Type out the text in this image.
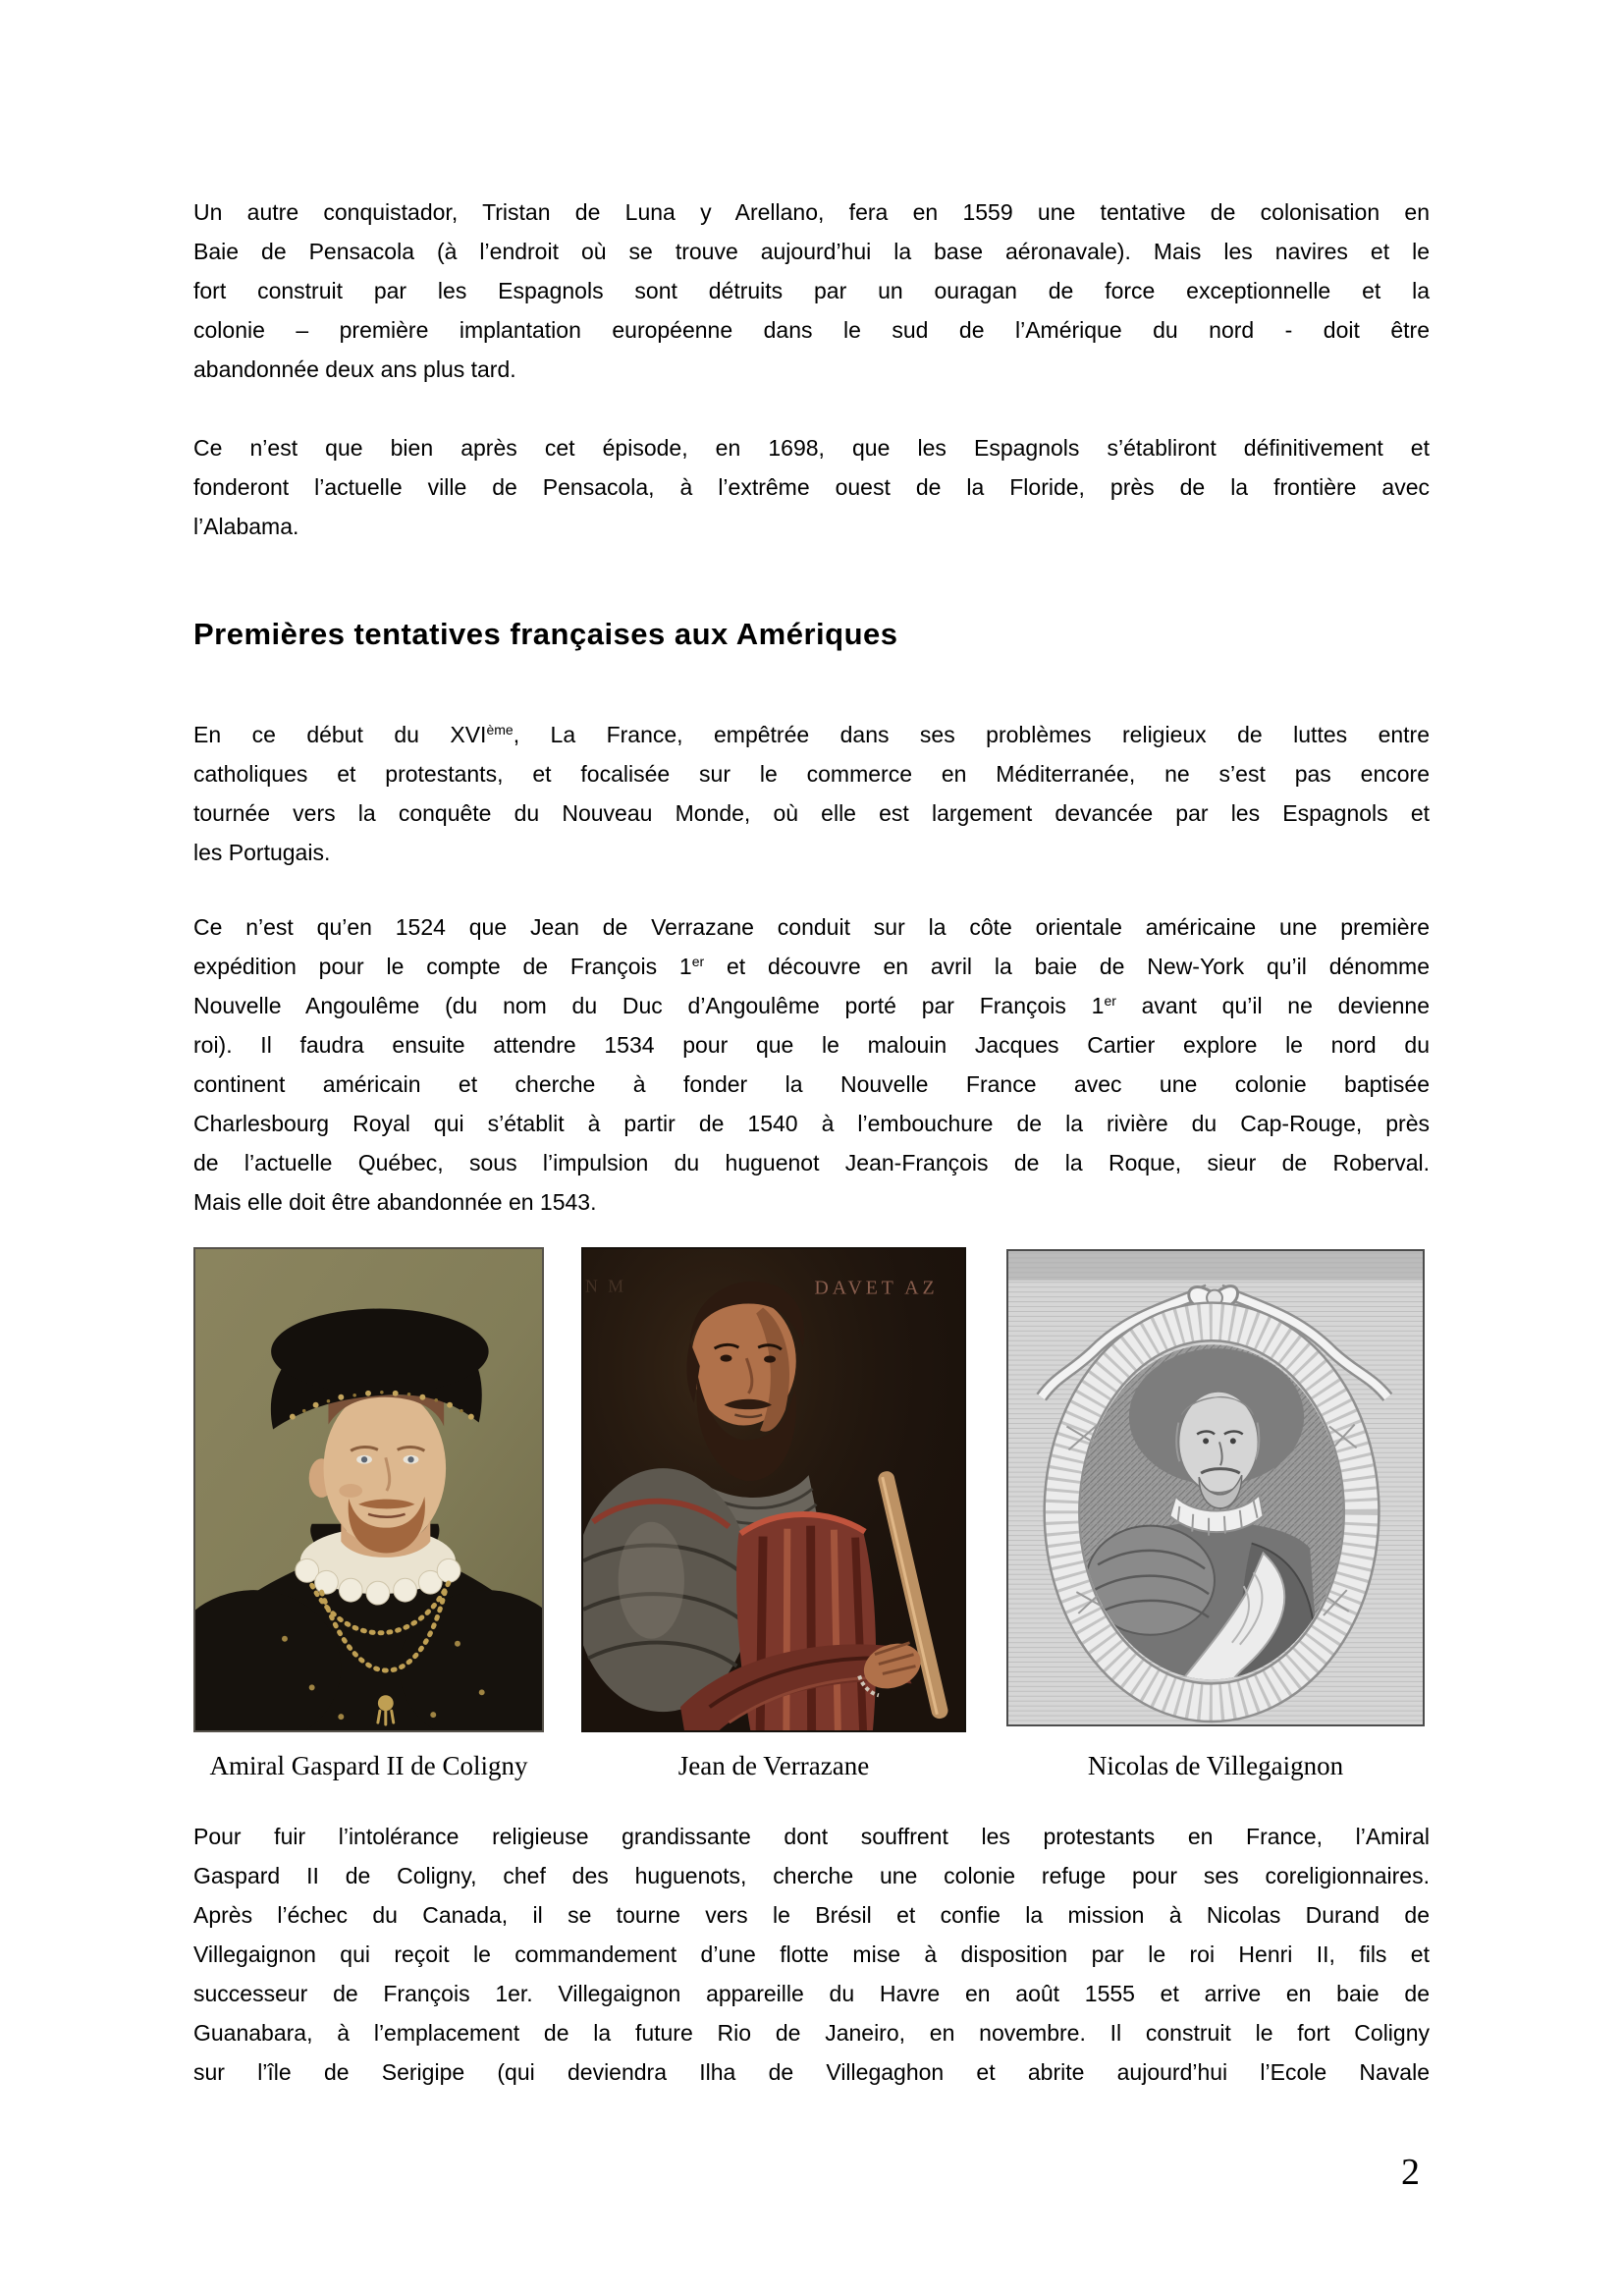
Un autre conquistador, Tristan de Luna y Arellano, fera en 1559 une tentative de colonisation en
Baie de Pensacola (à l’endroit où se trouve aujourd’hui la base aéronavale). Mais les navires et le
fort construit par les Espagnols sont détruits par un ouragan de force exceptionnelle et la
colonie – première implantation européenne dans le sud de l’Amérique du nord - doit être
abandonnée deux ans plus tard.
Ce n’est que bien après cet épisode, en 1698, que les Espagnols s’établiront définitivement et
fonderont l’actuelle ville de Pensacola, à l’extrême ouest de la Floride, près de la frontière avec
l’Alabama.
Premières tentatives françaises aux Amériques
En ce début du XVIème, La France, empêtrée dans ses problèmes religieux de luttes entre
catholiques et protestants, et focalisée sur le commerce en Méditerranée, ne s’est pas encore
tournée vers la conquête du Nouveau Monde, où elle est largement devancée par les Espagnols et
les Portugais.
Ce n’est qu’en 1524 que Jean de Verrazane conduit sur la côte orientale américaine une première
expédition pour le compte de François 1er et découvre en avril la baie de New-York qu’il dénomme
Nouvelle Angoulême (du nom du Duc d’Angoulême porté par François 1er avant qu’il ne devienne
roi). Il faudra ensuite attendre 1534 pour que le malouin Jacques Cartier explore le nord du
continent américain et cherche à fonder la Nouvelle France avec une colonie baptisée
Charlesbourg Royal qui s’établit à partir de 1540 à l’embouchure de la rivière du Cap-Rouge, près
de l’actuelle Québec, sous l’impulsion du huguenot Jean-François de la Roque, sieur de Roberval.
Mais elle doit être abandonnée en 1543.
DAVET AZ
N M
Amiral Gaspard II de Coligny	Jean de Verrazane	Nicolas de Villegaignon
Pour fuir l’intolérance religieuse grandissante dont souffrent les protestants en France, l’Amiral
Gaspard II de Coligny, chef des huguenots, cherche une colonie refuge pour ses coreligionnaires.
Après l’échec du Canada, il se tourne vers le Brésil et confie la mission à Nicolas Durand de
Villegaignon qui reçoit le commandement d’une flotte mise à disposition par le roi Henri II, fils et
successeur de François 1er. Villegaignon appareille du Havre en août 1555 et arrive en baie de
Guanabara, à l’emplacement de la future Rio de Janeiro, en novembre. Il construit le fort Coligny
sur l’île de Serigipe (qui deviendra Ilha de Villegaghon et abrite aujourd’hui l’Ecole Navale
2
